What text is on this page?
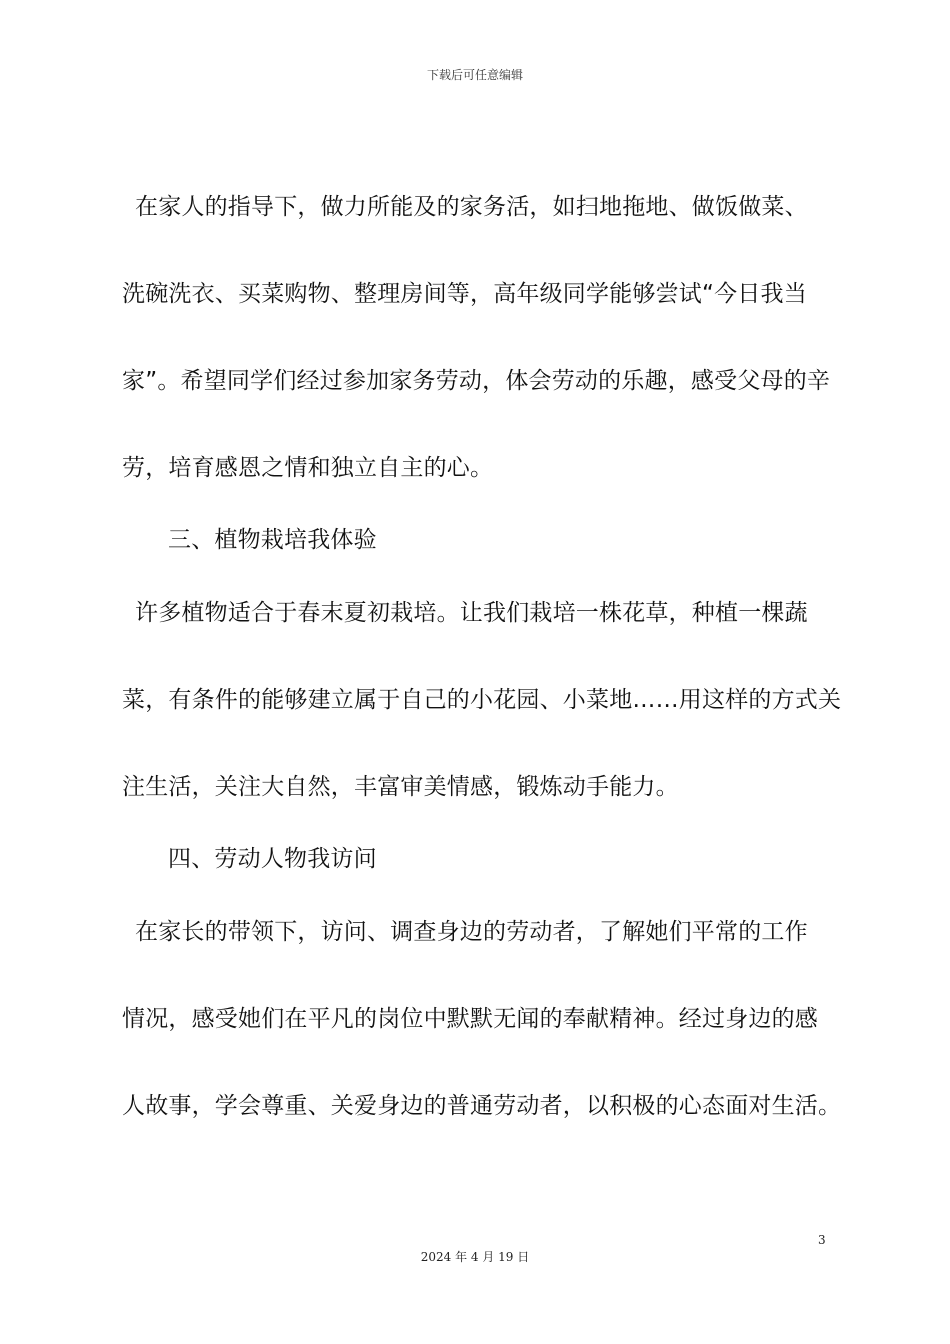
下载后可任意编辑
在家人的指导下，做力所能及的家务活，如扫地拖地、做饭做菜、
洗碗洗衣、买菜购物、整理房间等，高年级同学能够尝试“今日我当
家”。希望同学们经过参加家务劳动，体会劳动的乐趣，感受父母的辛
劳，培育感恩之情和独立自主的心。
三、植物栽培我体验
许多植物适合于春末夏初栽培。让我们栽培一株花草，种植一棵蔬
菜，有条件的能够建立属于自己的小花园、小菜地……用这样的方式关
注生活，关注大自然，丰富审美情感，锻炼动手能力。
四、劳动人物我访问
在家长的带领下，访问、调查身边的劳动者，了解她们平常的工作
情况，感受她们在平凡的岗位中默默无闻的奉献精神。经过身边的感
人故事，学会尊重、关爱身边的普通劳动者，以积极的心态面对生活。
3
2024 年 4 月 19 日
